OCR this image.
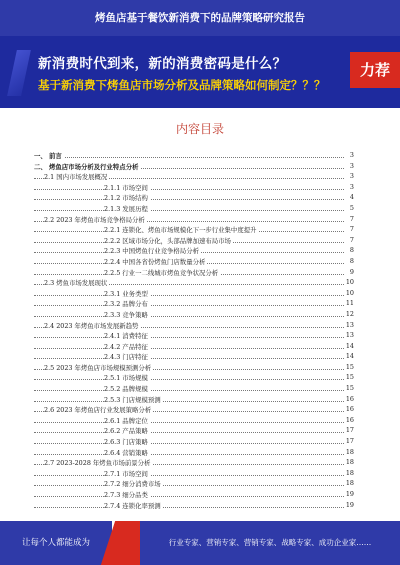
烤鱼店基于餐饮新消费下的品牌策略研究报告
新消费时代到来，新的消费密码是什么？
基于新消费下烤鱼店市场分析及品牌策略如何制定？？？
力荐
内容目录
一、 前言	3
二、 烤鱼店市场分析及行业特点分析	3
2.1 国内市场发展概况	3
2.1.1 市场空间	3
2.1.2 市场结构	4
2.1.3 发展历程	5
2.2 2023 年烤鱼市场竞争格局分析	7
2.2.1 连锁化、烤鱼市场规模化下一步行业集中度提升	7
2.2.2 区域市场分化，头部品牌加速布局市场	7
2.2.3 中国烤鱼行业竞争格局分析	8
2.2.4 中国各省份烤鱼门店数量分析	8
2.2.5 行业一二线城市烤鱼竞争状况分析	9
2.3 烤鱼市场发展现状	10
2.3.1 业务类型	10
2.3.2 品牌分布	11
2.3.3 竞争策略	12
2.4 2023 年烤鱼市场发展新趋势	13
2.4.1 消费特征	13
2.4.2 产品特征	14
2.4.3 门店特征	14
2.5 2023 年烤鱼店市场规模预测分析	15
2.5.1 市场规模	15
2.5.2 品牌规模	15
2.5.3 门店规模预测	16
2.6 2023 年烤鱼店行业发展策略分析	16
2.6.1 品牌定位	16
2.6.2 产品策略	17
2.6.3 门店策略	17
2.6.4 营销策略	18
2.7 2023-2028 年烤鱼市场前景分析	18
2.7.1 市场空间	18
2.7.2 细分消费市场	18
2.7.3 细分品类	19
2.7.4 连锁化率预测	19
让每个人都能成为	行业专家、营销专家、营销专家、战略专家、成功企业家……
